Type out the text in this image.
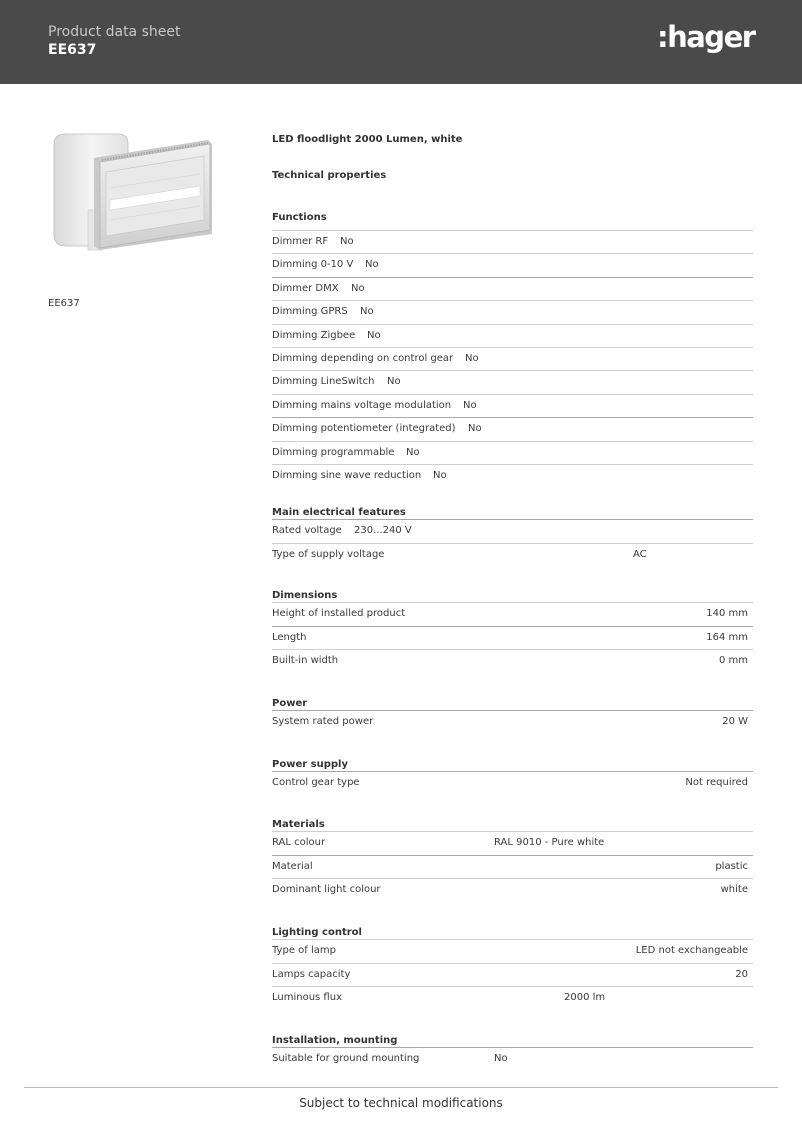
Product data sheet
EE637	:hager
EE637
LED floodlight 2000 Lumen, white
Technical properties
Functions
Dimmer RF No
Dimming 0-10 V No
Dimmer DMX No
Dimming GPRS No
Dimming Zigbee No
Dimming depending on control gear No
Dimming LineSwitch No
Dimming mains voltage modulation No
Dimming potentiometer (integrated) No
Dimming programmable No
Dimming sine wave reduction No
Main electrical features
Rated voltage 230...240 V
Type of supply voltage	AC
Dimensions
Height of installed product	140 mm
Length	164 mm
Built-in width	0 mm
Power
System rated power	20 W
Power supply
Control gear type	Not required
Materials
RAL colour	RAL 9010 - Pure white
Material	plastic
Dominant light colour	white
Lighting control
Type of lamp	LED not exchangeable
Lamps capacity	20
Luminous flux	2000 lm
Installation, mounting
Suitable for ground mounting	No
Subject to technical modifications
